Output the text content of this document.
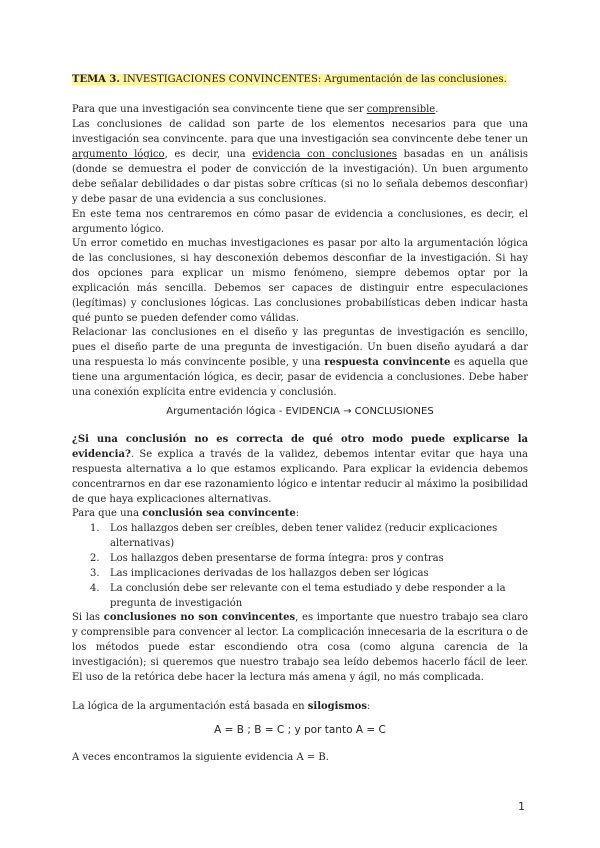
TEMA 3. INVESTIGACIONES CONVINCENTES: Argumentación de las conclusiones.

Para que una investigación sea convincente tiene que ser comprensible.

Las conclusiones de calidad son parte de los elementos necesarios para que una investigación sea convincente. para que una investigación sea convincente debe tener un argumento lógico, es decir, una evidencia con conclusiones basadas en un análisis (donde se demuestra el poder de convicción de la investigación). Un buen argumento debe señalar debilidades o dar pistas sobre críticas (si no lo señala debemos desconfiar) y debe pasar de una evidencia a sus conclusiones.

En este tema nos centraremos en cómo pasar de evidencia a conclusiones, es decir, el argumento lógico.

Un error cometido en muchas investigaciones es pasar por alto la argumentación lógica de las conclusiones, si hay desconexión debemos desconfiar de la investigación. Si hay dos opciones para explicar un mismo fenómeno, siempre debemos optar por la explicación más sencilla. Debemos ser capaces de distinguir entre especulaciones (legítimas) y conclusiones lógicas. Las conclusiones probabilísticas deben indicar hasta qué punto se pueden defender como válidas.

Relacionar las conclusiones en el diseño y las preguntas de investigación es sencillo, pues el diseño parte de una pregunta de investigación. Un buen diseño ayudará a dar una respuesta lo más convincente posible, y una respuesta convincente es aquella que tiene una argumentación lógica, es decir, pasar de evidencia a conclusiones. Debe haber una conexión explícita entre evidencia y conclusión.

Argumentación lógica - EVIDENCIA → CONCLUSIONES

¿Si una conclusión no es correcta de qué otro modo puede explicarse la evidencia?. Se explica a través de la validez, debemos intentar evitar que haya una respuesta alternativa a lo que estamos explicando. Para explicar la evidencia debemos concentrarnos en dar ese razonamiento lógico e intentar reducir al máximo la posibilidad de que haya explicaciones alternativas.

Para que una conclusión sea convincente:

1. Los hallazgos deben ser creíbles, deben tener validez (reducir explicaciones alternativas)
2. Los hallazgos deben presentarse de forma íntegra: pros y contras
3. Las implicaciones derivadas de los hallazgos deben ser lógicas
4. La conclusión debe ser relevante con el tema estudiado y debe responder a la pregunta de investigación

Si las conclusiones no son convincentes, es importante que nuestro trabajo sea claro y comprensible para convencer al lector. La complicación innecesaria de la escritura o de los métodos puede estar escondiendo otra cosa (como alguna carencia de la investigación); si queremos que nuestro trabajo sea leído debemos hacerlo fácil de leer. El uso de la retórica debe hacer la lectura más amena y ágil, no más complicada.

La lógica de la argumentación está basada en silogismos:

A = B ; B = C ; y por tanto A = C

A veces encontramos la siguiente evidencia A = B.

1
